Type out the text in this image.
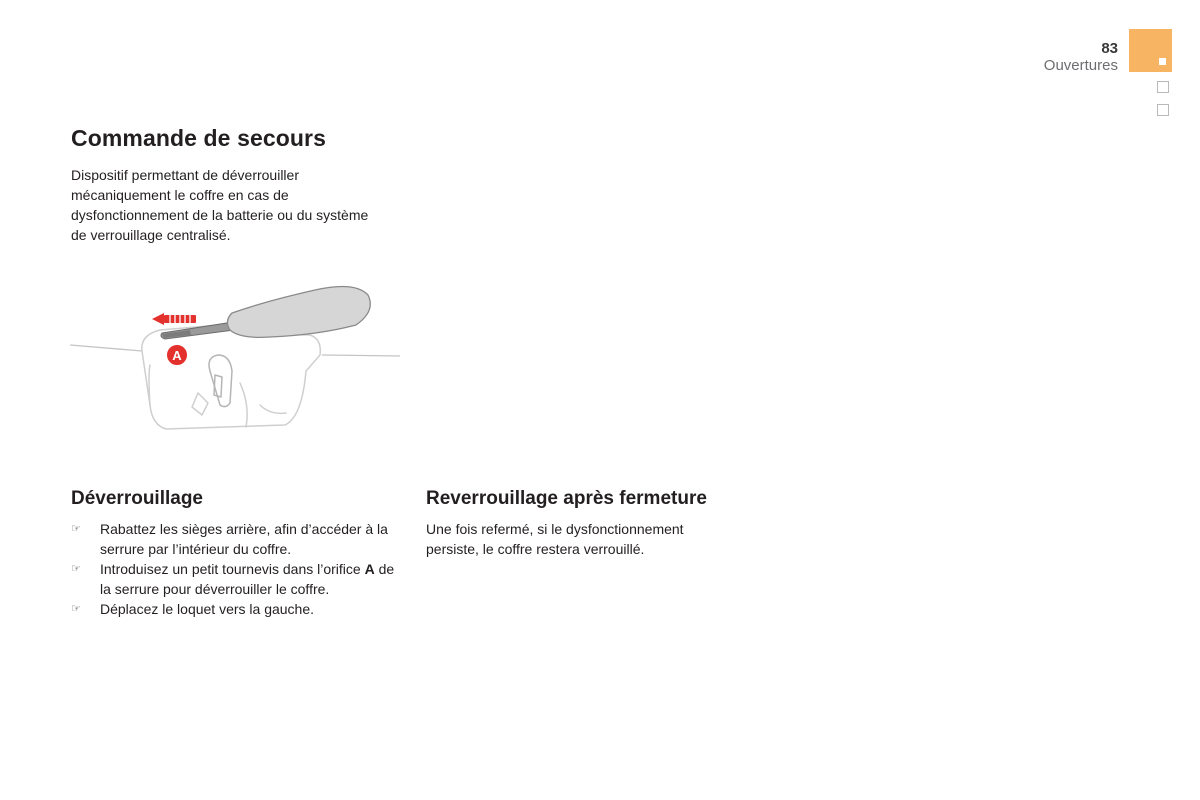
83
Ouvertures
Commande de secours

Dispositif permettant de déverrouiller mécaniquement le coffre en cas de dysfonctionnement de la batterie ou du système de verrouillage centralisé.

A
Déverrouillage
☞ Rabattez les sièges arrière, afin d’accéder à la serrure par l’intérieur du coffre.
☞ Introduisez un petit tournevis dans l’orifice A de la serrure pour déverrouiller le coffre.
☞ Déplacez le loquet vers la gauche.
Reverrouillage après fermeture

Une fois refermé, si le dysfonctionnement persiste, le coffre restera verrouillé.
